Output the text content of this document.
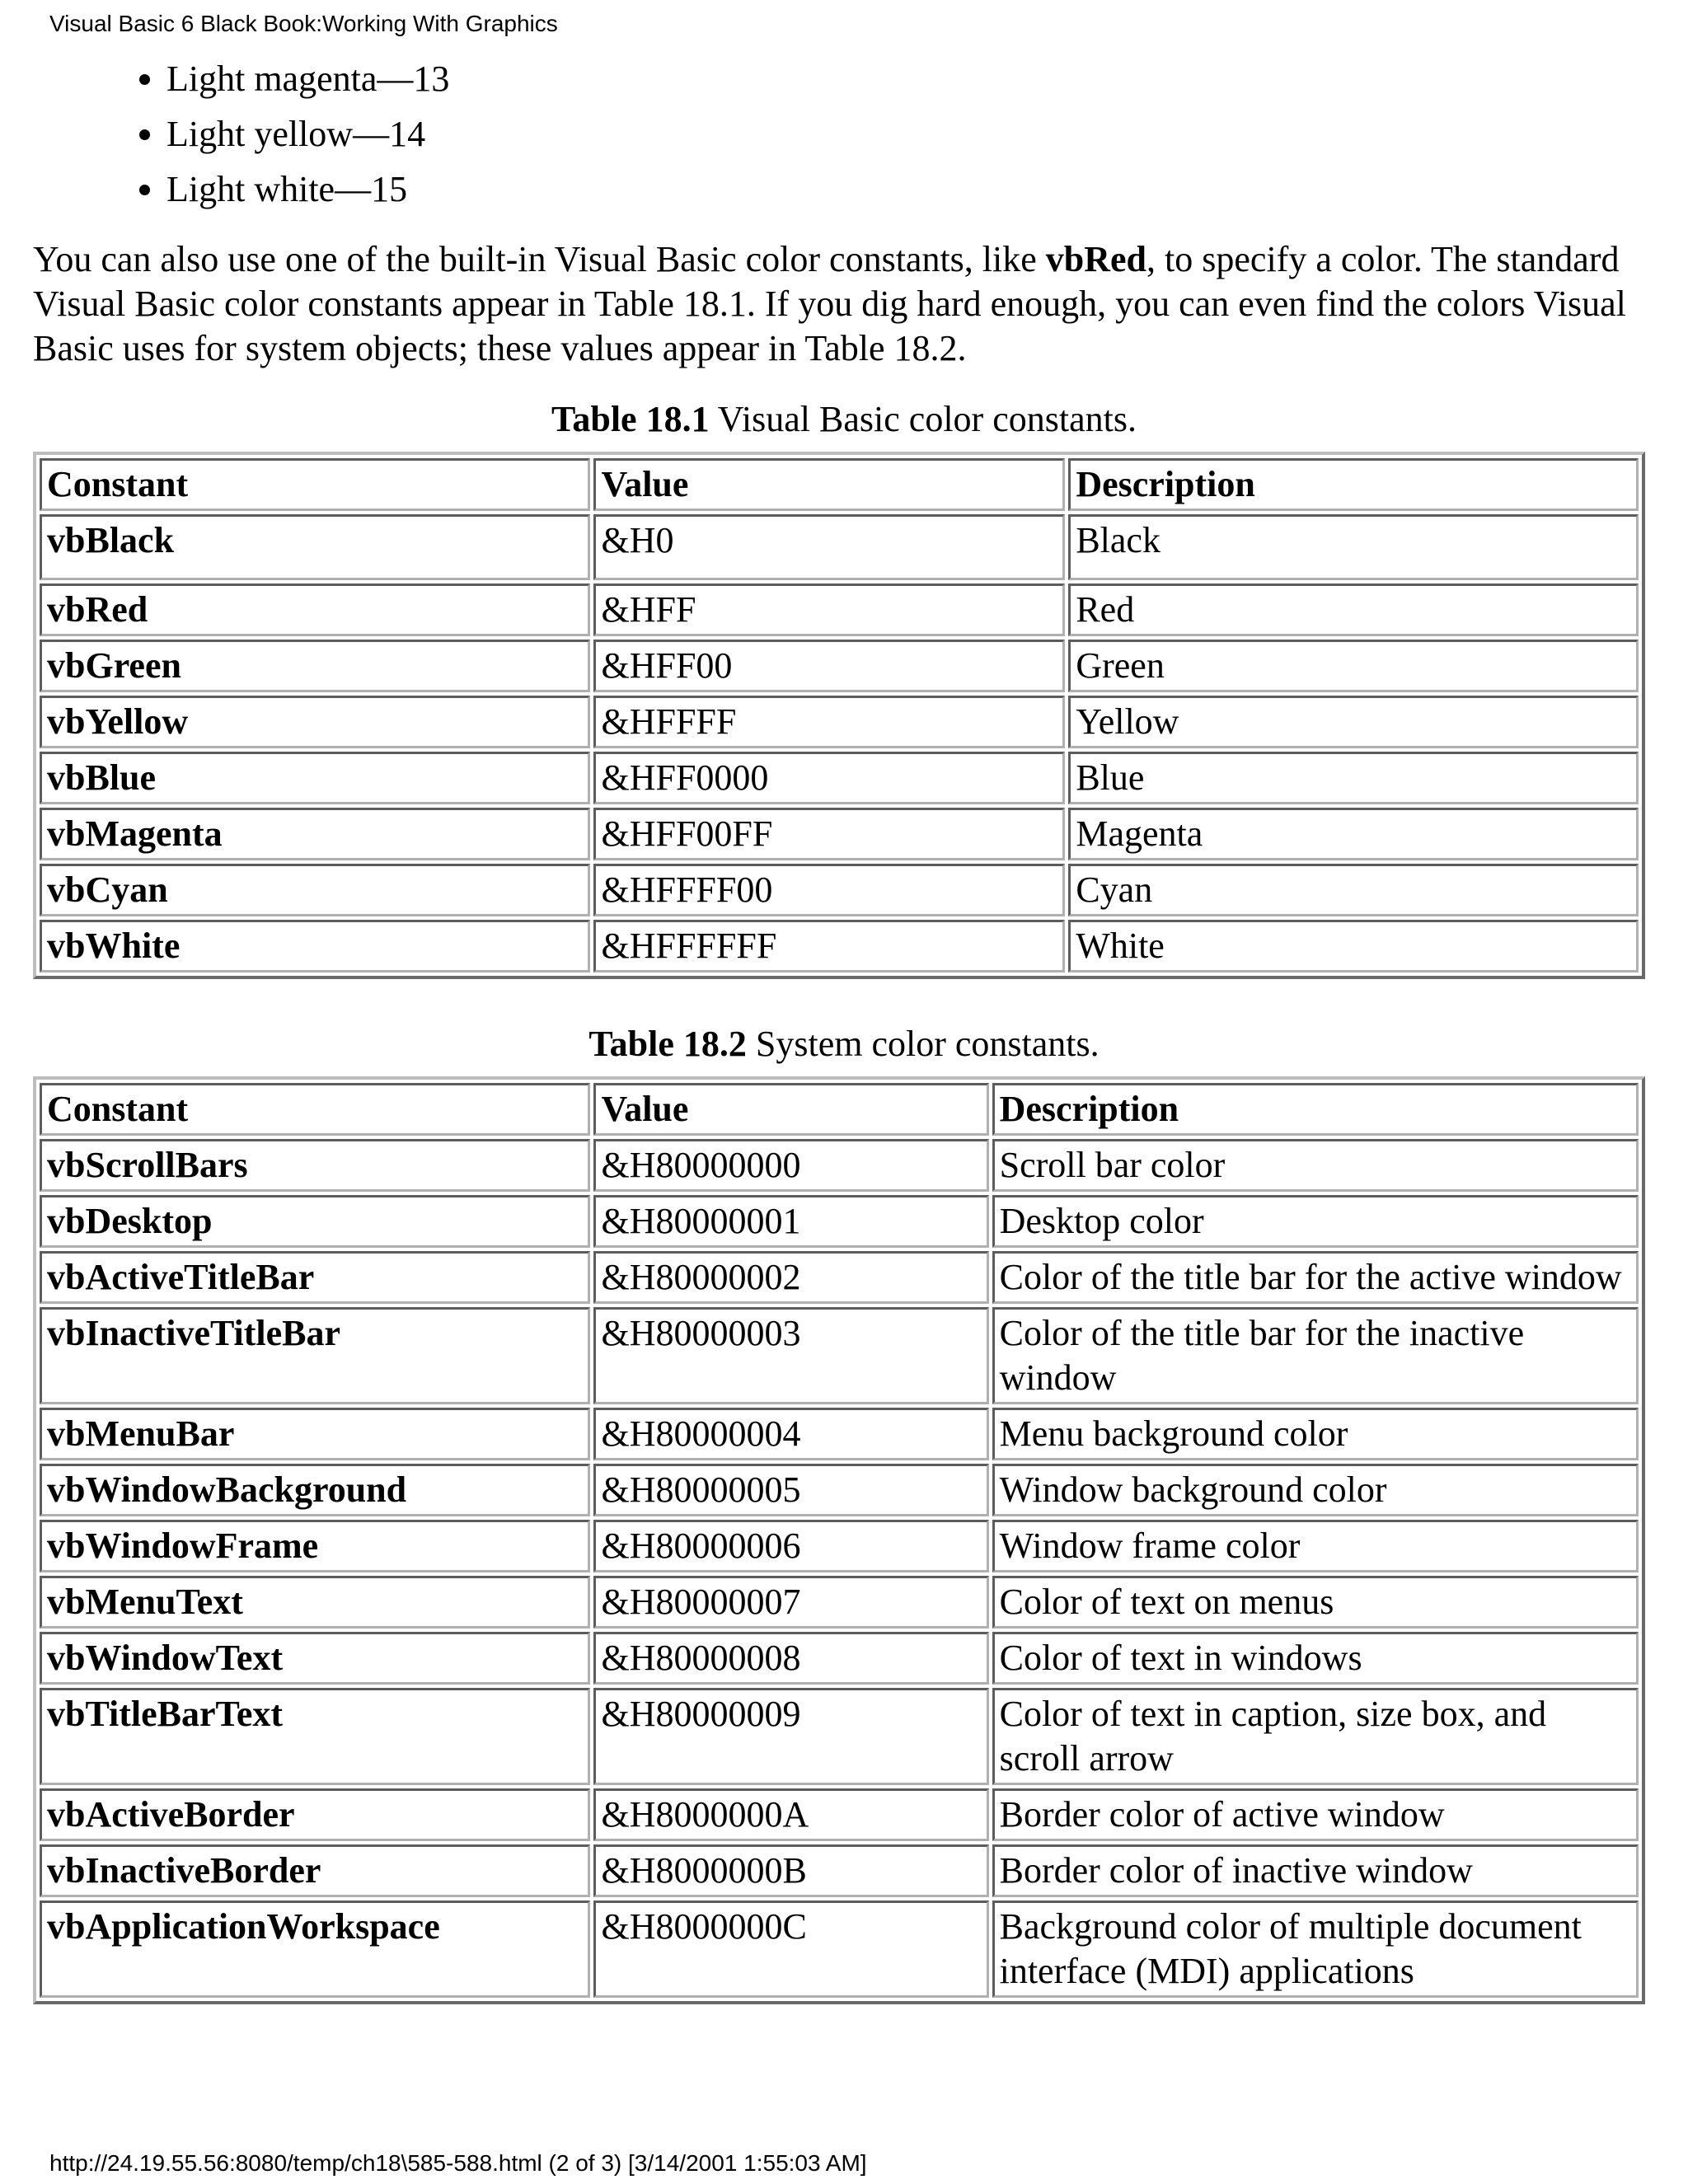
Visual Basic 6 Black Book:Working With Graphics
• Light magenta—13
• Light yellow—14
• Light white—15

You can also use one of the built-in Visual Basic color constants, like vbRed, to specify a color. The standard Visual Basic color constants appear in Table 18.1. If you dig hard enough, you can even find the colors Visual Basic uses for system objects; these values appear in Table 18.2.

Table 18.1 Visual Basic color constants.

Constant	Value	Description
vbBlack	&H0	Black
vbRed	&HFF	Red
vbGreen	&HFF00	Green
vbYellow	&HFFFF	Yellow
vbBlue	&HFF0000	Blue
vbMagenta	&HFF00FF	Magenta
vbCyan	&HFFFF00	Cyan
vbWhite	&HFFFFFF	White

Table 18.2 System color constants.

Constant	Value	Description
vbScrollBars	&H80000000	Scroll bar color
vbDesktop	&H80000001	Desktop color
vbActiveTitleBar	&H80000002	Color of the title bar for the active window
vbInactiveTitleBar	&H80000003	Color of the title bar for the inactive window
vbMenuBar	&H80000004	Menu background color
vbWindowBackground	&H80000005	Window background color
vbWindowFrame	&H80000006	Window frame color
vbMenuText	&H80000007	Color of text on menus
vbWindowText	&H80000008	Color of text in windows
vbTitleBarText	&H80000009	Color of text in caption, size box, and scroll arrow
vbActiveBorder	&H8000000A	Border color of active window
vbInactiveBorder	&H8000000B	Border color of inactive window
vbApplicationWorkspace	&H8000000C	Background color of multiple document interface (MDI) applications
http://24.19.55.56:8080/temp/ch18\585-588.html (2 of 3) [3/14/2001 1:55:03 AM]
